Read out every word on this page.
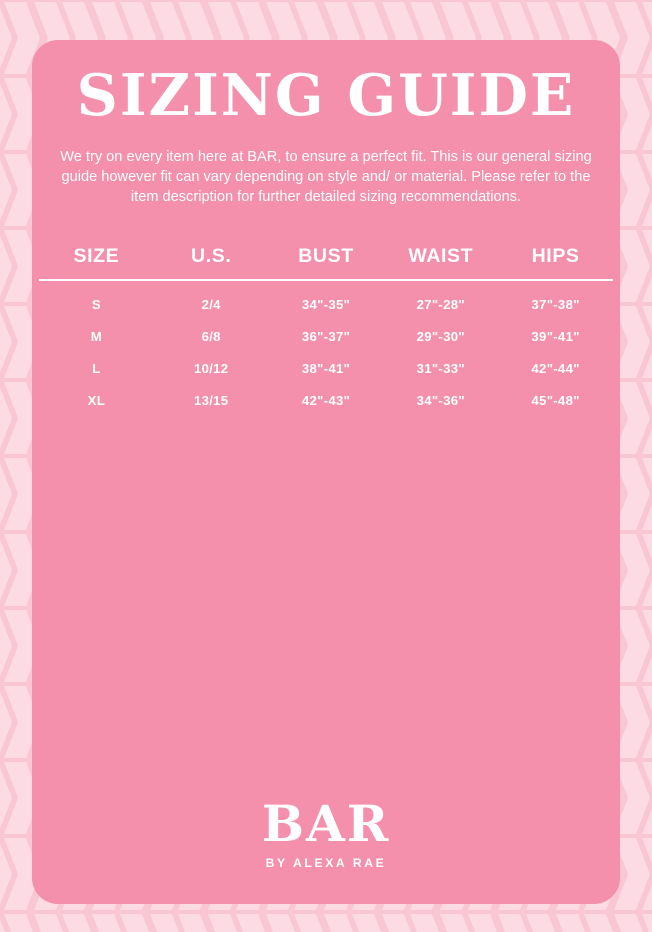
SIZING GUIDE

We try on every item here at BAR, to ensure a perfect fit. This is our general sizing guide however fit can vary depending on style and/ or material. Please refer to the item description for further detailed sizing recommendations.

SIZE	U.S.	BUST	WAIST	HIPS
S	2/4	34"-35"	27"-28"	37"-38"
M	6/8	36"-37"	29"-30"	39"-41"
L	10/12	38"-41"	31"-33"	42"-44"
XL	13/15	42"-43"	34"-36"	45"-48"
BAR
BY ALEXA RAE
